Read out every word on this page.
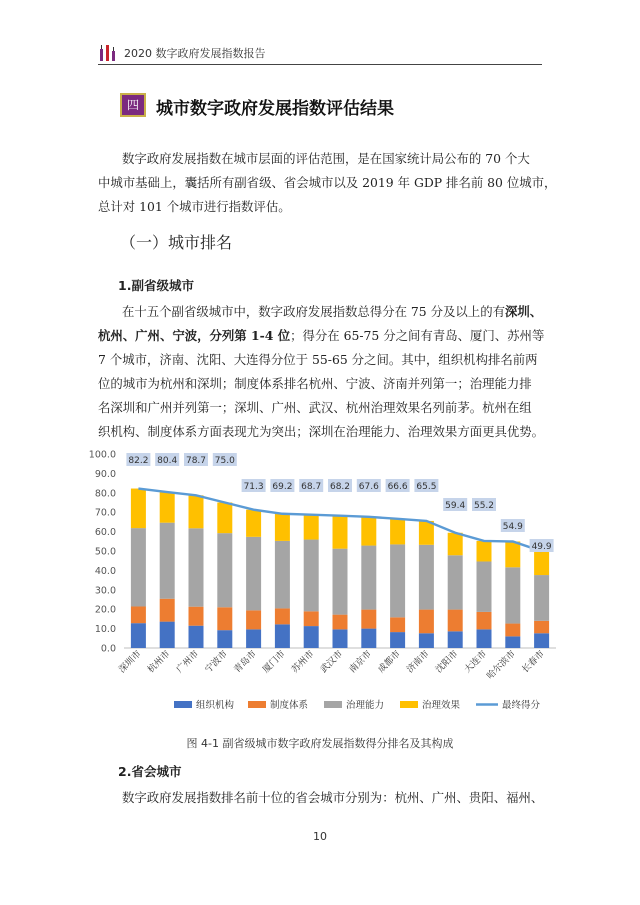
2020 数字政府发展指数报告
四	城市数字政府发展指数评估结果
数字政府发展指数在城市层面的评估范围，是在国家统计局公布的 70 个大
中城市基础上，囊括所有副省级、省会城市以及 2019 年 GDP 排名前 80 位城市，
总计对 101 个城市进行指数评估。
（一）城市排名
1.副省级城市
在十五个副省级城市中，数字政府发展指数总得分在 75 分及以上的有深圳、
杭州、广州、宁波，分列第 1-4 位；得分在 65-75 分之间有青岛、厦门、苏州等
7 个城市，济南、沈阳、大连得分位于 55-65 分之间。其中，组织机构排名前两
位的城市为杭州和深圳；制度体系排名杭州、宁波、济南并列第一；治理能力排
名深圳和广州并列第一；深圳、广州、武汉、杭州治理效果名列前茅。杭州在组
织机构、制度体系方面表现尤为突出；深圳在治理能力、治理效果方面更具优势。
0.0
10.0
20.0
30.0
40.0
50.0
60.0
70.0
80.0
90.0
100.0
82.2 80.4 78.7 75.0
71.3 69.2 68.7 68.2 67.6 66.6 65.5
59.4 55.2
54.9
49.9
深圳市 杭州市 广州市 宁波市 青岛市 厦门市 苏州市 武汉市 南京市 成都市 济南市 沈阳市 大连市
哈尔滨市 长春市
组织机构	制度体系	治理能力	治理效果	最终得分
图 4-1 副省级城市数字政府发展指数得分排名及其构成
2.省会城市
数字政府发展指数排名前十位的省会城市分别为：杭州、广州、贵阳、福州、
10
